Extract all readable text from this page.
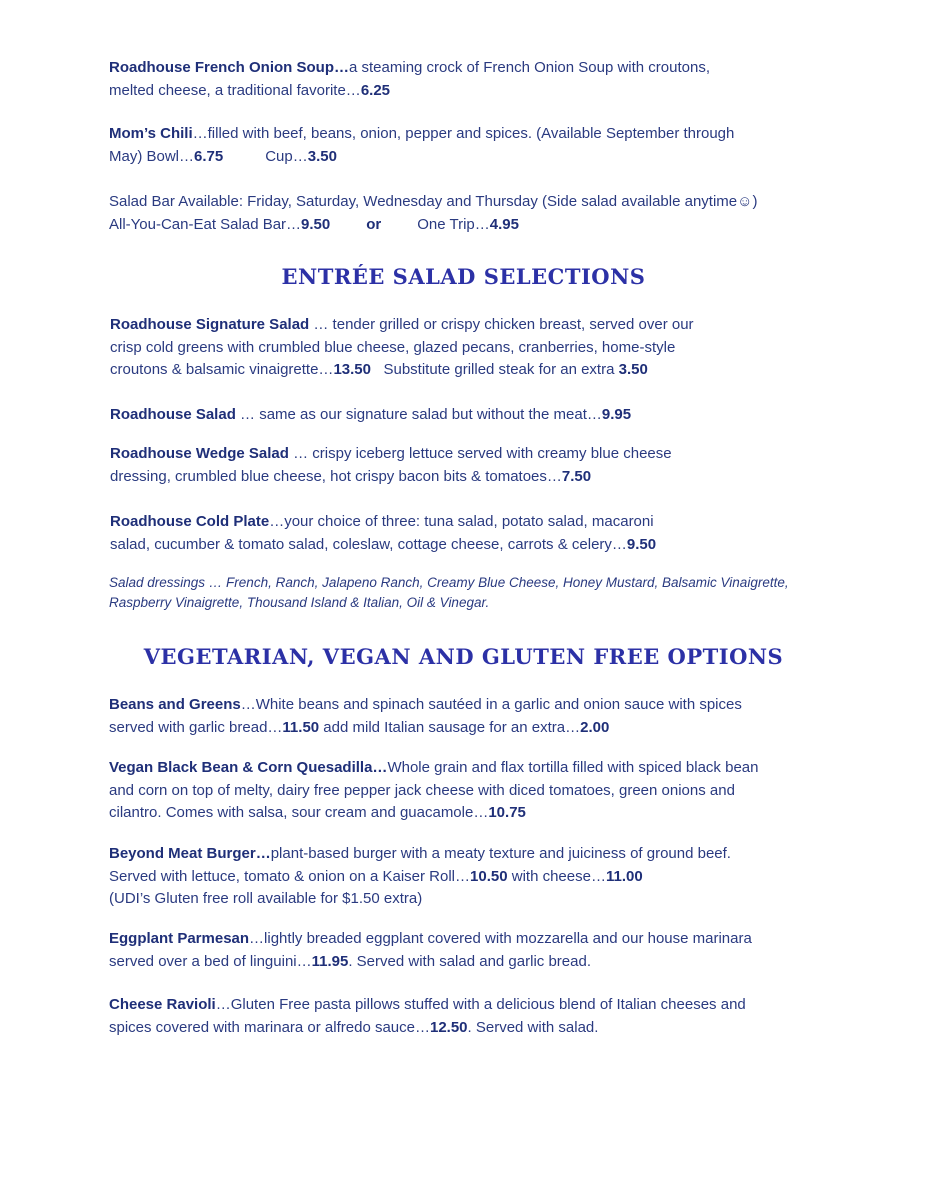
Roadhouse French Onion Soup…a steaming crock of French Onion Soup with croutons,
melted cheese, a traditional favorite…6.25
Mom’s Chili…filled with beef, beans, onion, pepper and spices. (Available September through
May) Bowl…6.75	Cup…3.50
Salad Bar Available: Friday, Saturday, Wednesday and Thursday (Side salad available anytime☺)
All-You-Can-Eat Salad Bar…9.50 or One Trip…4.95
ENTRÉE SALAD SELECTIONS
Roadhouse Signature Salad … tender grilled or crispy chicken breast, served over our
crisp cold greens with crumbled blue cheese, glazed pecans, cranberries, home-style
croutons & balsamic vinaigrette…13.50   Substitute grilled steak for an extra 3.50
Roadhouse Salad … same as our signature salad but without the meat…9.95
Roadhouse Wedge Salad … crispy iceberg lettuce served with creamy blue cheese
dressing, crumbled blue cheese, hot crispy bacon bits & tomatoes…7.50
Roadhouse Cold Plate…your choice of three: tuna salad, potato salad, macaroni
salad, cucumber & tomato salad, coleslaw, cottage cheese, carrots & celery…9.50
Salad dressings … French, Ranch, Jalapeno Ranch, Creamy Blue Cheese, Honey Mustard, Balsamic Vinaigrette, Raspberry Vinaigrette, Thousand Island & Italian, Oil & Vinegar.
VEGETARIAN, VEGAN AND GLUTEN FREE OPTIONS
Beans and Greens…White beans and spinach sautéed in a garlic and onion sauce with spices
served with garlic bread…11.50 add mild Italian sausage for an extra…2.00
Vegan Black Bean & Corn Quesadilla…Whole grain and flax tortilla filled with spiced black bean
and corn on top of melty, dairy free pepper jack cheese with diced tomatoes, green onions and
cilantro. Comes with salsa, sour cream and guacamole…10.75
Beyond Meat Burger…plant-based burger with a meaty texture and juiciness of ground beef.
Served with lettuce, tomato & onion on a Kaiser Roll…10.50 with cheese…11.00
(UDI’s Gluten free roll available for $1.50 extra)
Eggplant Parmesan…lightly breaded eggplant covered with mozzarella and our house marinara
served over a bed of linguini…11.95. Served with salad and garlic bread.
Cheese Ravioli…Gluten Free pasta pillows stuffed with a delicious blend of Italian cheeses and
spices covered with marinara or alfredo sauce…12.50. Served with salad.
